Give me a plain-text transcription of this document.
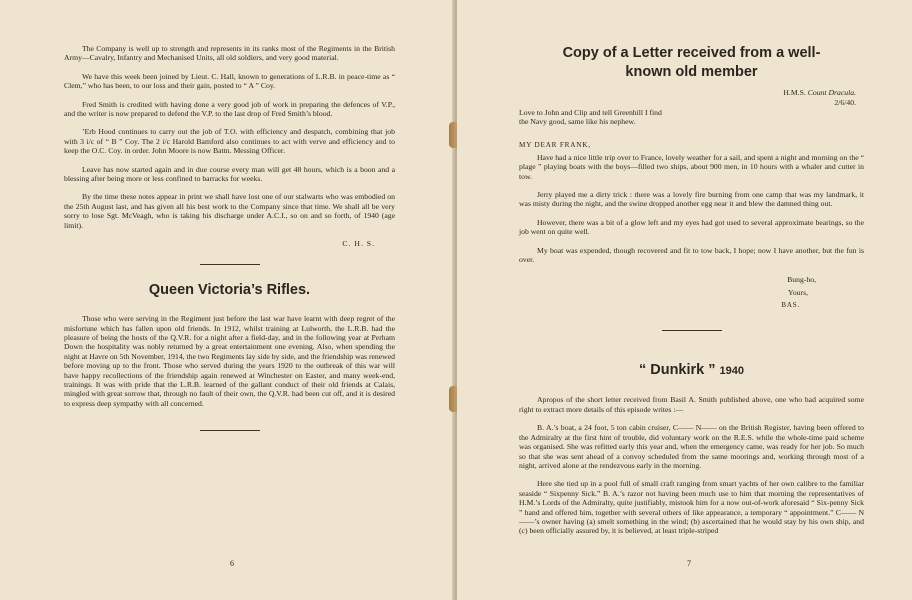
The Company is well up to strength and represents in its ranks most of the Regiments in the British Army—Cavalry, Infantry and Mechanised Units, all old soldiers, and very good material.

We have this week been joined by Lieut. C. Hall, known to generations of L.R.B. in peace-time as “ Clem,” who has been, to our loss and their gain, posted to “ A ” Coy.

Fred Smith is credited with having done a very good job of work in preparing the defences of V.P., and the writer is now prepared to defend the V.P. to the last drop of Fred Smith’s blood.

’Erb Hood continues to carry out the job of T.O. with efficiency and despatch, combining that job with 3 i/c of “ B ” Coy. The 2 i/c Harold Bamford also continues to act with verve and efficiency and to keep the O.C. Coy. in order. John Moore is now Battn. Messing Officer.

Leave has now started again and in due course every man will get 48 hours, which is a boon and a blessing after being more or less confined to barracks for weeks.

By the time these notes appear in print we shall have lost one of our stalwarts who was embodied on the 25th August last, and has given all his best work to the Company since that time. We shall all be very sorry to lose Sgt. McVeagh, who is taking his discharge under A.C.I., so on and so forth, of 1940 (age limit).

C. H. S.
Queen Victoria’s Rifles.

Those who were serving in the Regiment just before the last war have learnt with deep regret of the misfortune which has fallen upon old friends. In 1912, whilst training at Lulworth, the L.R.B. had the pleasure of being the hosts of the Q.V.R. for a night after a field-day, and in the following year at Perham Down the hospitality was nobly returned by a great entertainment one evening. Also, when spending the night at Havre on 5th November, 1914, the two Regiments lay side by side, and the friendship was renewed before moving up to the front. Those who served during the years 1920 to the outbreak of this war will have happy recollections of the friendship again renewed at Winchester on Easter, and many week-end, trainings. It was with pride that the L.R.B. learned of the gallant conduct of their old friends at Calais, mingled with great sorrow that, through no fault of their own, the Q.V.R. had been cut off, and it is desired to express deep sympathy with all concerned.

6
Copy of a Letter received from a well-known old member
H.M.S. Count Dracula.
2/6/40.
Love to John and Clip and tell Greenhill I find the Navy good, same like his nephew.
MY DEAR FRANK,

Have had a nice little trip over to France, lovely weather for a sail, and spent a night and morning on the “ plage ” playing boats with the boys—filled two ships, about 900 men, in 10 hours with a whaler and cutter in tow.

Jerry played me a dirty trick : there was a lovely fire burning from one camp that was my landmark, it was misty during the night, and the swine dropped another egg near it and blew the damned thing out.

However, there was a bit of a glow left and my eyes had got used to several approximate bearings, so the job went on quite well.

My boat was expended, though recovered and fit to tow back, I hope; now I have another, but the fun is over.

Bung-ho,
Yours,
BAS.
“ Dunkirk ” 1940

Apropos of the short letter received from Basil A. Smith published above, one who had acquired some right to extract more details of this episode writes :—

B. A.’s boat, a 24 foot, 5 ton cabin cruiser, C—— N—— on the British Register, having been offered to the Admiralty at the first hint of trouble, did voluntary work on the R.E.S. while the whole-time paid scheme was organised. She was refitted early this year and, when the emergency came, was ready for her job. So much so that she was sent ahead of a convoy scheduled from the same moorings and, working through most of a night, arrived alone at the rendezvous early in the morning.

Here she tied up in a pool full of small craft ranging from smart yachts of her own calibre to the familiar seaside “ Sixpenny Sick.” B. A.’s razor not having been much use to him that morning the representatives of H.M.’s Lords of the Admiralty, quite justifiably, mistook him for a now out-of-work aforesaid “ Six-penny Sick ” hand and offered him, together with several others of like appearance, a temporary “ appointment.” C—— N——’s owner having (a) smelt something in the wind; (b) ascertained that he would stay by his own ship, and (c) been officially assured by, it is believed, at least triple-striped

7
